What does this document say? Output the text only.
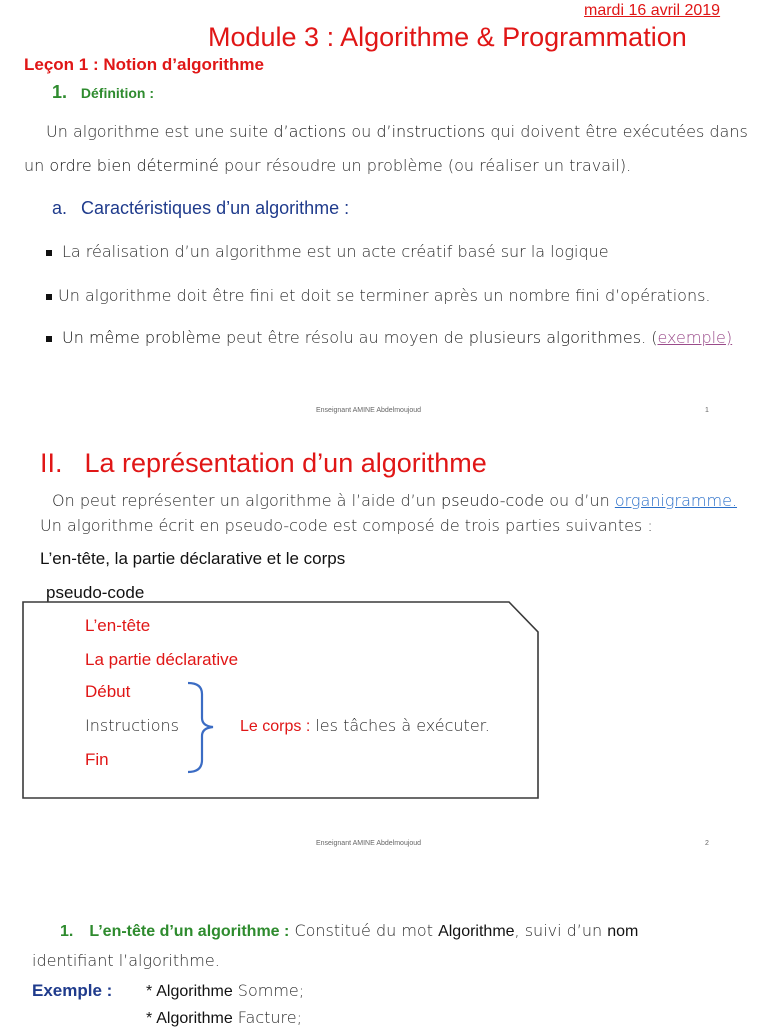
mardi 16 avril 2019
Module 3 : Algorithme & Programmation
Leçon 1 : Notion d’algorithme
1. Définition :
Un algorithme est une suite d’actions ou d’instructions qui doivent être exécutées dans
un ordre bien déterminé pour résoudre un problème (ou réaliser un travail).
a. Caractéristiques d’un algorithme :
La réalisation d’un algorithme est un acte créatif basé sur la logique
Un algorithme doit être fini et doit se terminer après un nombre fini d’opérations.
Un même problème peut être résolu au moyen de plusieurs algorithmes. (exemple)
Enseignant AMINE Abdelmoujoud	1
II. La représentation d’un algorithme
On peut représenter un algorithme à l’aide d’un pseudo-code ou d’un organigramme.
Un algorithme écrit en pseudo-code est composé de trois parties suivantes :
L’en-tête, la partie déclarative et le corps
pseudo-code
L’en-tête
La partie déclarative
Début
Instructions
Fin
Le corps : les tâches à exécuter.
Enseignant AMINE Abdelmoujoud	2
1. L’en-tête d’un algorithme : Constitué du mot Algorithme, suivi d’un nom
identifiant l’algorithme.
Exemple : * Algorithme Somme;
* Algorithme Facture;
